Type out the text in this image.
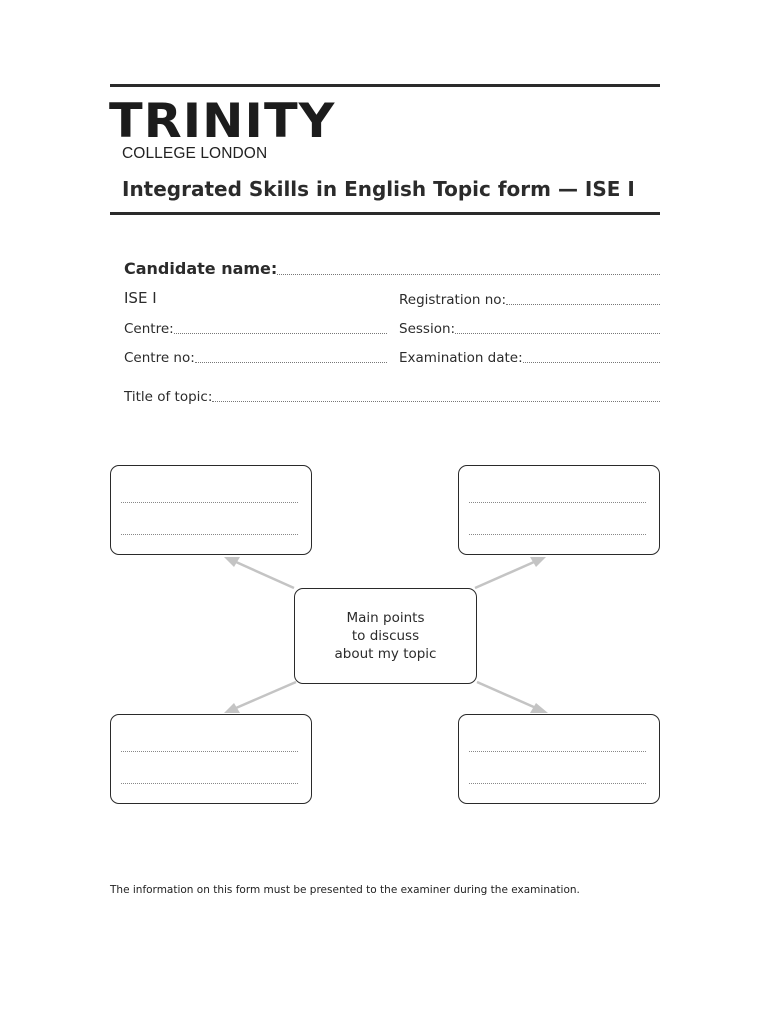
TRINITY
COLLEGE LONDON
Integrated Skills in English Topic form — ISE I
Candidate name:
ISE I	Registration no:
Centre:	Session:
Centre no:	Examination date:
Title of topic:
Main points
to discuss
about my topic
The information on this form must be presented to the examiner during the examination.
